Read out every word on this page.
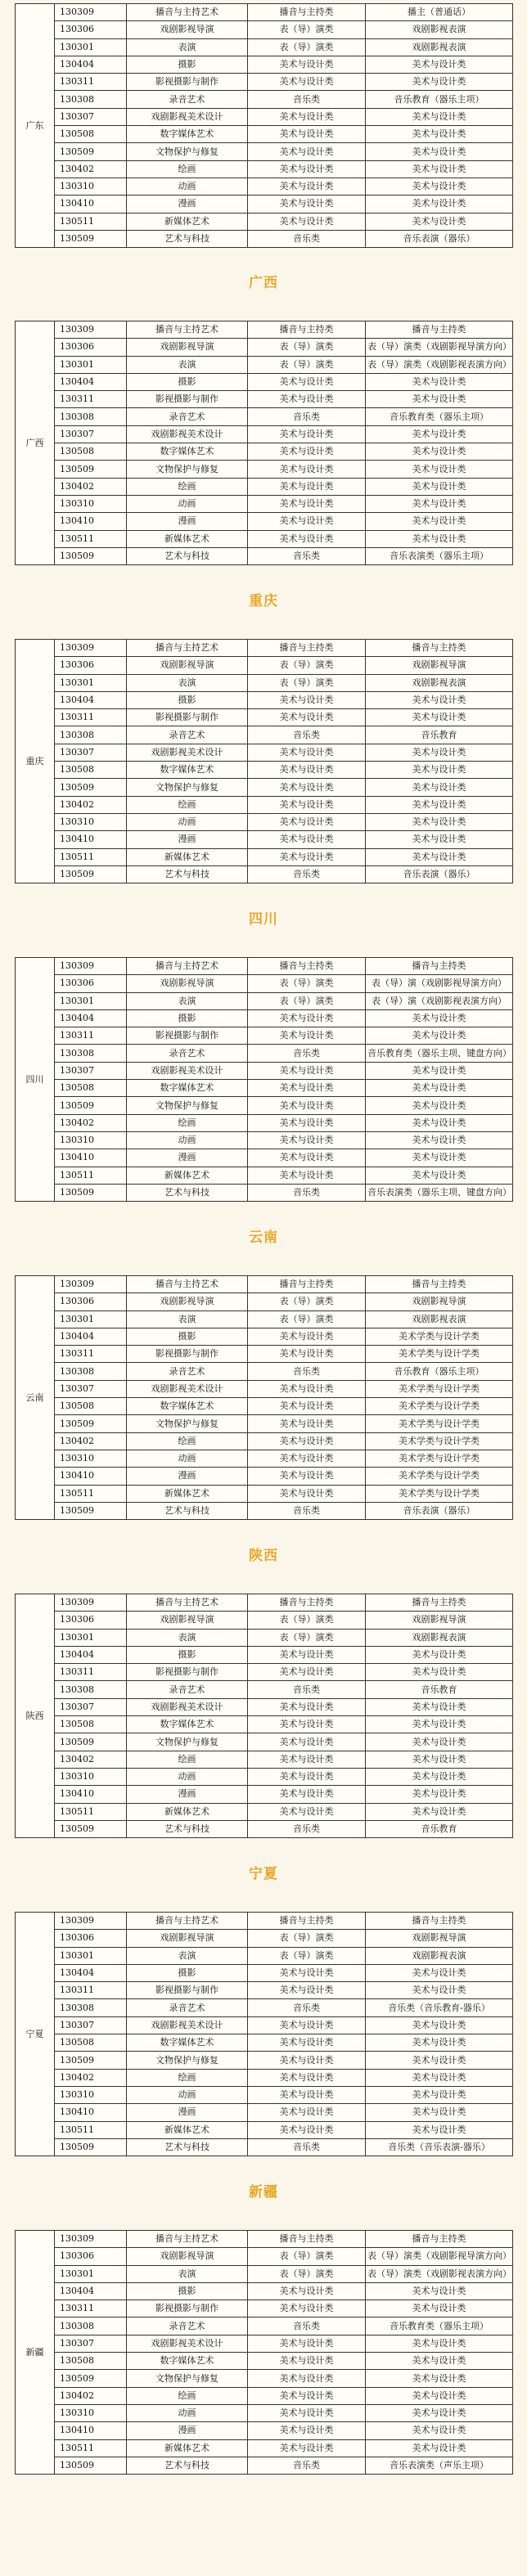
广东	130309	播音与主持艺术	播音与主持类	播主（普通话）
	130306	戏剧影视导演	表（导）演类	戏剧影视表演
	130301	表演	表（导）演类	戏剧影视表演
	130404	摄影	美术与设计类	美术与设计类
	130311	影视摄影与制作	美术与设计类	美术与设计类
	130308	录音艺术	音乐类	音乐教育（器乐主项）
	130307	戏剧影视美术设计	美术与设计类	美术与设计类
	130508	数字媒体艺术	美术与设计类	美术与设计类
	130509	文物保护与修复	美术与设计类	美术与设计类
	130402	绘画	美术与设计类	美术与设计类
	130310	动画	美术与设计类	美术与设计类
	130410	漫画	美术与设计类	美术与设计类
	130511	新媒体艺术	美术与设计类	美术与设计类
	130509	艺术与科技	音乐类	音乐表演（器乐）
广西
广西	130309	播音与主持艺术	播音与主持类	播音与主持类
	130306	戏剧影视导演	表（导）演类	表（导）演类（戏剧影视导演方向）
	130301	表演	表（导）演类	表（导）演类（戏剧影视表演方向）
	130404	摄影	美术与设计类	美术与设计类
	130311	影视摄影与制作	美术与设计类	美术与设计类
	130308	录音艺术	音乐类	音乐教育类（器乐主项）
	130307	戏剧影视美术设计	美术与设计类	美术与设计类
	130508	数字媒体艺术	美术与设计类	美术与设计类
	130509	文物保护与修复	美术与设计类	美术与设计类
	130402	绘画	美术与设计类	美术与设计类
	130310	动画	美术与设计类	美术与设计类
	130410	漫画	美术与设计类	美术与设计类
	130511	新媒体艺术	美术与设计类	美术与设计类
	130509	艺术与科技	音乐类	音乐表演类（器乐主项）
重庆
重庆	130309	播音与主持艺术	播音与主持类	播音与主持类
	130306	戏剧影视导演	表（导）演类	戏剧影视导演
	130301	表演	表（导）演类	戏剧影视表演
	130404	摄影	美术与设计类	美术与设计类
	130311	影视摄影与制作	美术与设计类	美术与设计类
	130308	录音艺术	音乐类	音乐教育
	130307	戏剧影视美术设计	美术与设计类	美术与设计类
	130508	数字媒体艺术	美术与设计类	美术与设计类
	130509	文物保护与修复	美术与设计类	美术与设计类
	130402	绘画	美术与设计类	美术与设计类
	130310	动画	美术与设计类	美术与设计类
	130410	漫画	美术与设计类	美术与设计类
	130511	新媒体艺术	美术与设计类	美术与设计类
	130509	艺术与科技	音乐类	音乐表演（器乐）
四川
四川	130309	播音与主持艺术	播音与主持类	播音与主持类
	130306	戏剧影视导演	表（导）演类	表（导）演（戏剧影视导演方向）
	130301	表演	表（导）演类	表（导）演（戏剧影视表演方向）
	130404	摄影	美术与设计类	美术与设计类
	130311	影视摄影与制作	美术与设计类	美术与设计类
	130308	录音艺术	音乐类	音乐教育类（器乐主项、键盘方向）
	130307	戏剧影视美术设计	美术与设计类	美术与设计类
	130508	数字媒体艺术	美术与设计类	美术与设计类
	130509	文物保护与修复	美术与设计类	美术与设计类
	130402	绘画	美术与设计类	美术与设计类
	130310	动画	美术与设计类	美术与设计类
	130410	漫画	美术与设计类	美术与设计类
	130511	新媒体艺术	美术与设计类	美术与设计类
	130509	艺术与科技	音乐类	音乐表演类（器乐主项、键盘方向）
云南
云南	130309	播音与主持艺术	播音与主持类	播音与主持类
	130306	戏剧影视导演	表（导）演类	戏剧影视导演
	130301	表演	表（导）演类	戏剧影视表演
	130404	摄影	美术与设计类	美术学类与设计学类
	130311	影视摄影与制作	美术与设计类	美术学类与设计学类
	130308	录音艺术	音乐类	音乐教育（器乐主项）
	130307	戏剧影视美术设计	美术与设计类	美术学类与设计学类
	130508	数字媒体艺术	美术与设计类	美术学类与设计学类
	130509	文物保护与修复	美术与设计类	美术学类与设计学类
	130402	绘画	美术与设计类	美术学类与设计学类
	130310	动画	美术与设计类	美术学类与设计学类
	130410	漫画	美术与设计类	美术学类与设计学类
	130511	新媒体艺术	美术与设计类	美术学类与设计学类
	130509	艺术与科技	音乐类	音乐表演（器乐）
陕西
陕西	130309	播音与主持艺术	播音与主持类	播音与主持类
	130306	戏剧影视导演	表（导）演类	戏剧影视导演
	130301	表演	表（导）演类	戏剧影视表演
	130404	摄影	美术与设计类	美术与设计类
	130311	影视摄影与制作	美术与设计类	美术与设计类
	130308	录音艺术	音乐类	音乐教育
	130307	戏剧影视美术设计	美术与设计类	美术与设计类
	130508	数字媒体艺术	美术与设计类	美术与设计类
	130509	文物保护与修复	美术与设计类	美术与设计类
	130402	绘画	美术与设计类	美术与设计类
	130310	动画	美术与设计类	美术与设计类
	130410	漫画	美术与设计类	美术与设计类
	130511	新媒体艺术	美术与设计类	美术与设计类
	130509	艺术与科技	音乐类	音乐教育
宁夏
宁夏	130309	播音与主持艺术	播音与主持类	播音与主持类
	130306	戏剧影视导演	表（导）演类	戏剧影视导演
	130301	表演	表（导）演类	戏剧影视表演
	130404	摄影	美术与设计类	美术与设计类
	130311	影视摄影与制作	美术与设计类	美术与设计类
	130308	录音艺术	音乐类	音乐类（音乐教育-器乐）
	130307	戏剧影视美术设计	美术与设计类	美术与设计类
	130508	数字媒体艺术	美术与设计类	美术与设计类
	130509	文物保护与修复	美术与设计类	美术与设计类
	130402	绘画	美术与设计类	美术与设计类
	130310	动画	美术与设计类	美术与设计类
	130410	漫画	美术与设计类	美术与设计类
	130511	新媒体艺术	美术与设计类	美术与设计类
	130509	艺术与科技	音乐类	音乐类（音乐表演-器乐）
新疆
新疆	130309	播音与主持艺术	播音与主持类	播音与主持类
	130306	戏剧影视导演	表（导）演类	表（导）演类（戏剧影视导演方向）
	130301	表演	表（导）演类	表（导）演类（戏剧影视表演方向）
	130404	摄影	美术与设计类	美术与设计类
	130311	影视摄影与制作	美术与设计类	美术与设计类
	130308	录音艺术	音乐类	音乐教育类（器乐主项）
	130307	戏剧影视美术设计	美术与设计类	美术与设计类
	130508	数字媒体艺术	美术与设计类	美术与设计类
	130509	文物保护与修复	美术与设计类	美术与设计类
	130402	绘画	美术与设计类	美术与设计类
	130310	动画	美术与设计类	美术与设计类
	130410	漫画	美术与设计类	美术与设计类
	130511	新媒体艺术	美术与设计类	美术与设计类
	130509	艺术与科技	音乐类	音乐表演类（声乐主项）
